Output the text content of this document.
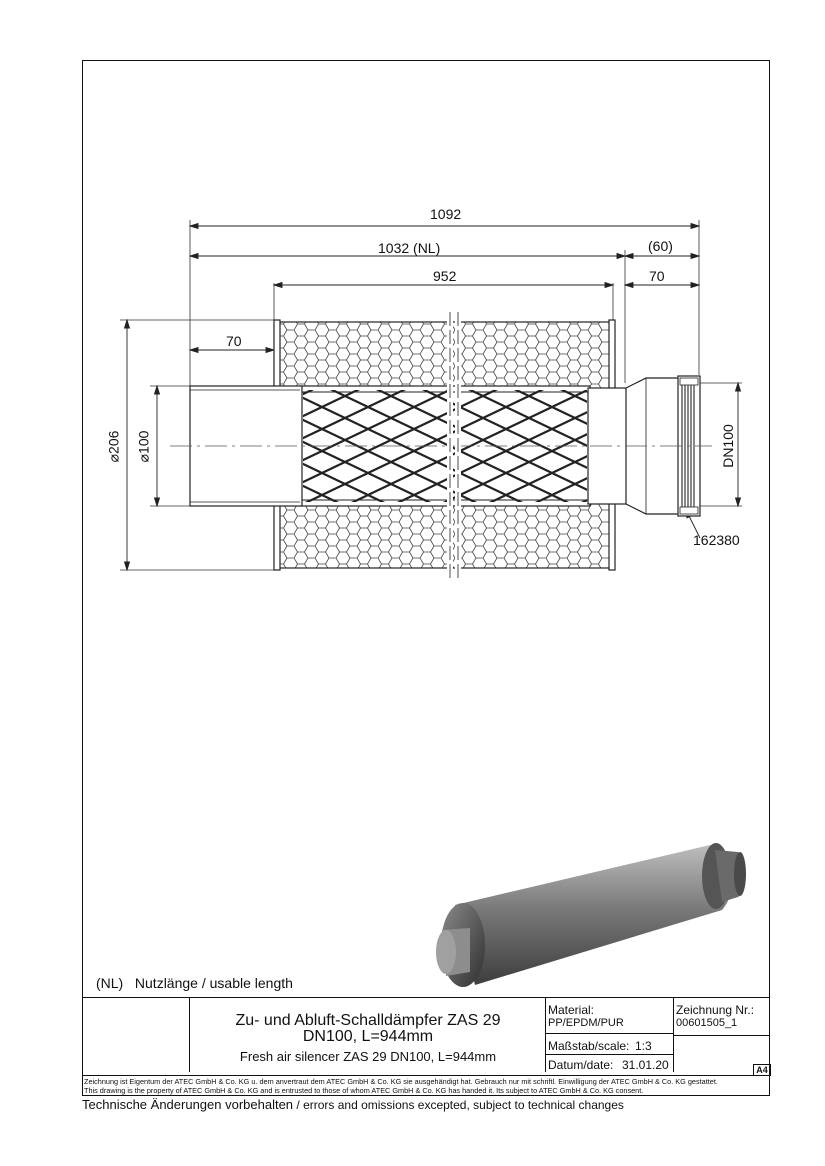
1092
1032 (NL)	(60)
952	70
70
⌀206 ⌀100	DN100
162380
(NL) Nutzlänge / usable length
Zu- und Abluft-Schalldämpfer ZAS 29
DN100, L=944mm
Fresh air silencer ZAS 29 DN100, L=944mm
Material:
PP/EPDM/PUR
Maßstab/scale: 1:3
Datum/date: 31.01.20
Zeichnung Nr.:
00601505_1
A4
Zeichnung ist Eigentum der ATEC GmbH & Co. KG u. dem anvertraut dem ATEC GmbH & Co. KG sie ausgehändigt hat. Gebrauch nur mit schriftl. Einwilligung der ATEC GmbH & Co. KG gestattet.
This drawing is the property of ATEC GmbH & Co. KG and is entrusted to those of whom ATEC GmbH & Co. KG has handed it. Its subject to ATEC GmbH & Co. KG consent.
Technische Änderungen vorbehalten / errors and omissions excepted, subject to technical changes
